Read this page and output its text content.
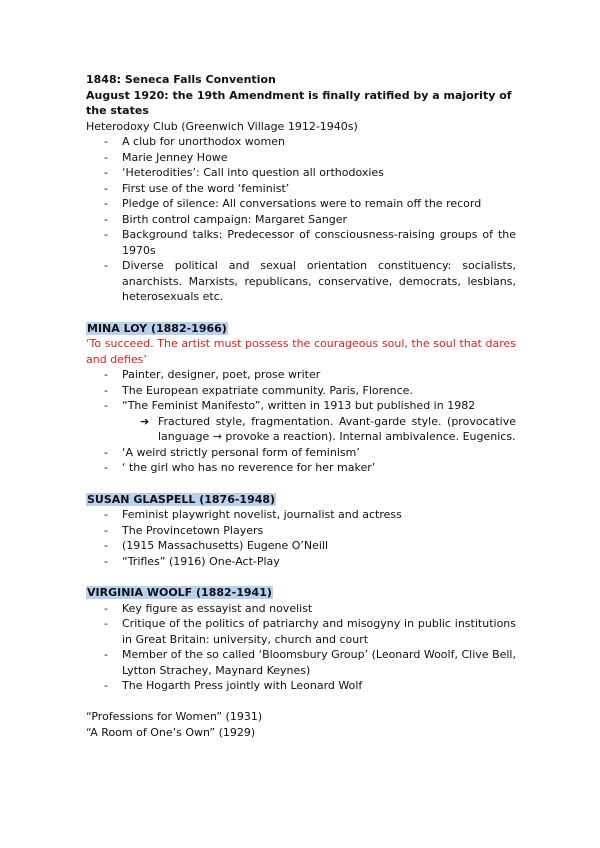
1848: Seneca Falls Convention
August 1920: the 19th Amendment is finally ratified by a majority of the states
Heterodoxy Club (Greenwich Village 1912-1940s)
- A club for unorthodox women
- Marie Jenney Howe
- ‘Heterodities’: Call into question all orthodoxies
- First use of the word ‘feminist’
- Pledge of silence: All conversations were to remain off the record
- Birth control campaign: Margaret Sanger
- Background talks: Predecessor of consciousness-raising groups of the 1970s
- Diverse political and sexual orientation constituency: socialists, anarchists. Marxists, republicans, conservative, democrats, lesbians, heterosexuals etc.
MINA LOY (1882-1966)
‘To succeed. The artist must possess the courageous soul, the soul that dares and defies’
- Painter, designer, poet, prose writer
- The European expatriate community. Paris, Florence.
- “The Feminist Manifesto”, written in 1913 but published in 1982
➔ Fractured style, fragmentation. Avant-garde style. (provocative language → provoke a reaction). Internal ambivalence. Eugenics.
- ‘A weird strictly personal form of feminism’
- ‘ the girl who has no reverence for her maker’
SUSAN GLASPELL (1876-1948)
- Feminist playwright novelist, journalist and actress
- The Provincetown Players
- (1915 Massachusetts) Eugene O’Neill
- “Trifles” (1916) One-Act-Play
VIRGINIA WOOLF (1882-1941)
- Key figure as essayist and novelist
- Critique of the politics of patriarchy and misogyny in public institutions in Great Britain: university, church and court
- Member of the so called ‘Bloomsbury Group’ (Leonard Woolf, Clive Bell, Lytton Strachey, Maynard Keynes)
- The Hogarth Press jointly with Leonard Wolf
“Professions for Women” (1931)
“A Room of One’s Own” (1929)
